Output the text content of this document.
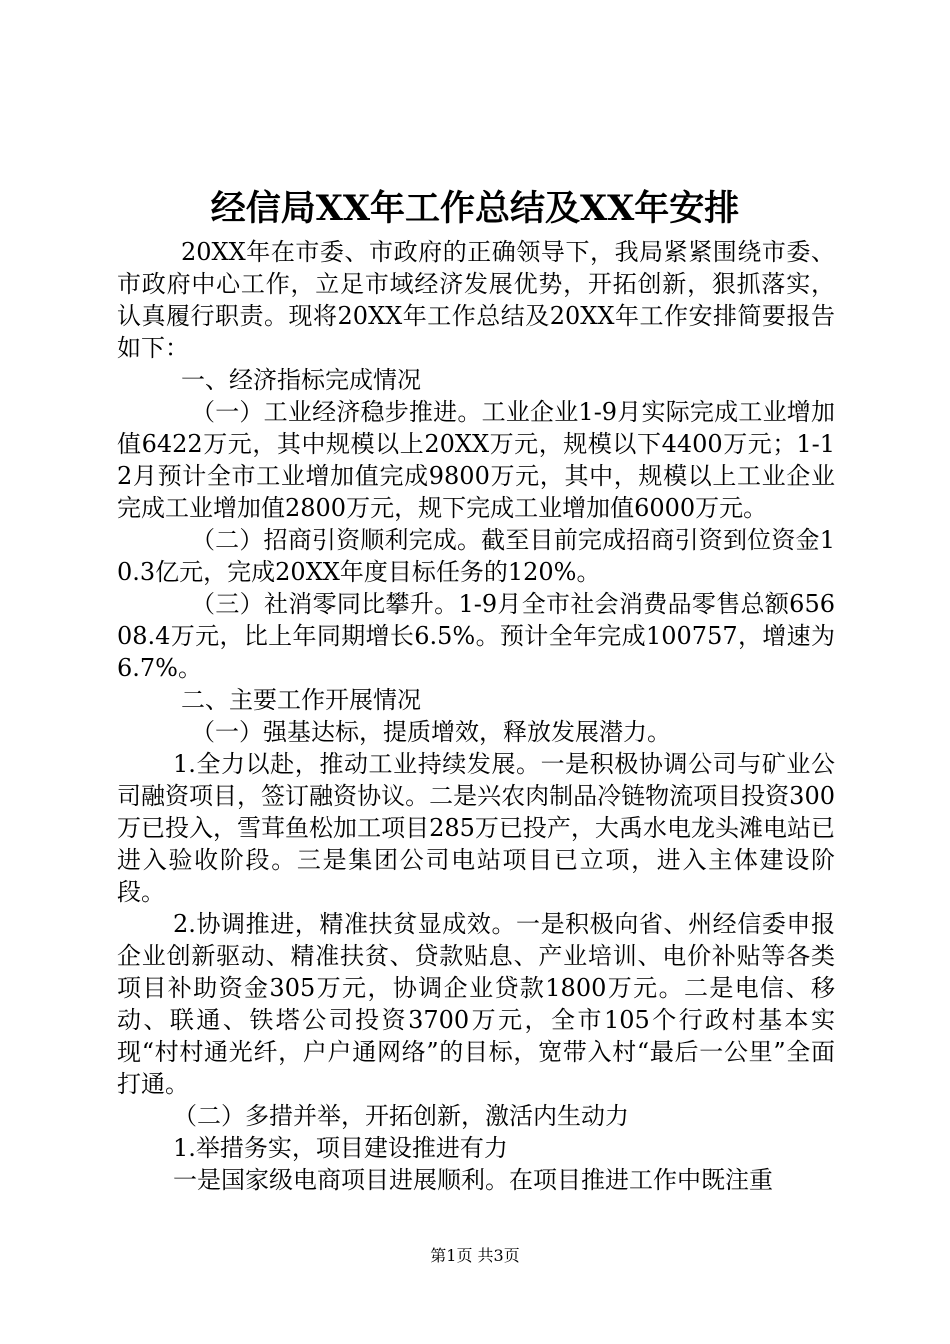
经信局XX年工作总结及XX年安排

20XX年在市委、市政府的正确领导下，我局紧紧围绕市委、市政府中心工作，立足市域经济发展优势，开拓创新，狠抓落实，认真履行职责。现将20XX年工作总结及20XX年工作安排简要报告如下：

一、经济指标完成情况

（一）工业经济稳步推进。工业企业1-9月实际完成工业增加值6422万元，其中规模以上20XX万元，规模以下4400万元；1-12月预计全市工业增加值完成9800万元，其中，规模以上工业企业完成工业增加值2800万元，规下完成工业增加值6000万元。

（二）招商引资顺利完成。截至目前完成招商引资到位资金10.3亿元，完成20XX年度目标任务的120%。

（三）社消零同比攀升。1-9月全市社会消费品零售总额65608.4万元，比上年同期增长6.5%。预计全年完成100757，增速为6.7%。

二、主要工作开展情况

（一）强基达标，提质增效，释放发展潜力。

1.全力以赴，推动工业持续发展。一是积极协调公司与矿业公司融资项目，签订融资协议。二是兴农肉制品冷链物流项目投资300万已投入，雪茸鱼松加工项目285万已投产，大禹水电龙头滩电站已进入验收阶段。三是集团公司电站项目已立项，进入主体建设阶段。

2.协调推进，精准扶贫显成效。一是积极向省、州经信委申报企业创新驱动、精准扶贫、贷款贴息、产业培训、电价补贴等各类项目补助资金305万元，协调企业贷款1800万元。二是电信、移动、联通、铁塔公司投资3700万元，全市105个行政村基本实现“村村通光纤，户户通网络”的目标，宽带入村“最后一公里”全面打通。

（二）多措并举，开拓创新，激活内生动力

1.举措务实，项目建设推进有力

一是国家级电商项目进展顺利。在项目推进工作中既注重

第1页 共3页
